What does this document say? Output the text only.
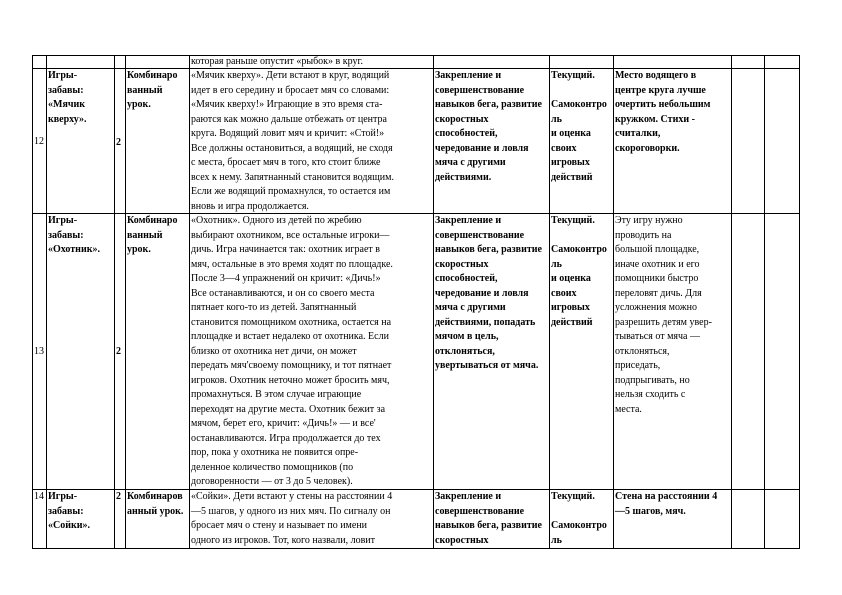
которая раньше опустит «рыбок» в круг.

12

Игры-

забавы:

«Мячик

кверху».

2

Комбинаро

ванный

урок.

«Мячик кверху». Дети встают в круг, водящий

идет в его середину и бросает мяч со словами:

«Мячик кверху!» Играющие в это время ста-

раются как можно дальше отбежать от центра

круга. Водящий ловит мяч и кричит: «Стой!»

Все должны остановиться, а водящий, не сходя

с места, бросает мяч в того, кто стоит ближе

всех к нему. Запятнанный становится водящим.

Если же водящий промахнулся, то остается им

вновь и игра продолжается.

Закрепление и

совершенствование

навыков бега, развитие

скоростных

способностей,

чередование и ловля

мяча с другими

действиями.

Текущий.

Самоконтро

ль

и оценка

своих

игровых

действий

Место водящего в

центре круга лучше

очертить небольшим

кружком. Стихи -

считалки,

скороговорки.

13

Игры-

забавы:

«Охотник».

2

Комбинаро

ванный

урок.

«Охотник». Одного из детей по жребию

выбирают охотником, все остальные игроки—

дичь. Игра начинается так: охотник играет в

мяч, остальные в это время ходят по площадке.

После 3—4 упражнений он кричит: «Дичь!»

Все останавливаются, и он со своего места

пятнает кого-то из детей. Запятнанный

становится помощником охотника, остается на

площадке и встает недалеко от охотника. Если

близко от охотника нет дичи, он может

передать мяч'своему помощнику, и тот пятнает

игроков. Охотник неточно может бросить мяч,

промахнуться. В этом случае играющие

переходят на другие места. Охотник бежит за

мячом, берет его, кричит: «Дичь!» — и все'

останавливаются. Игра продолжается до тех

пор, пока у охотника не появится опре-

деленное количество помощников (по

договоренности — от 3 до 5 человек).

Закрепление и

совершенствование

навыков бега, развитие

скоростных

способностей,

чередование и ловля

мяча с другими

действиями, попадать

мячом в цель,

отклоняться,

увертываться от мяча.

Текущий.

Самоконтро

ль

и оценка

своих

игровых

действий

Эту игру нужно

проводить на

большой площадке,

иначе охотник и его

помощники быстро

переловят дичь. Для

усложнения можно

разрешить детям увер-

тываться от мяча —

отклоняться,

приседать,

подпрыгивать, но

нельзя сходить с

места.

14 Игры-

забавы:

«Сойки».

2 Комбинаров

анный урок.

«Сойки». Дети встают у стены на расстоянии 4

—5 шагов, у одного из них мяч. По сигналу он

бросает мяч о стену и называет по имени

одного из игроков. Тот, кого назвали, ловит

Закрепление и

совершенствование

навыков бега, развитие

скоростных

Текущий.

Самоконтро

ль

Стена на расстоянии 4

—5 шагов, мяч.
